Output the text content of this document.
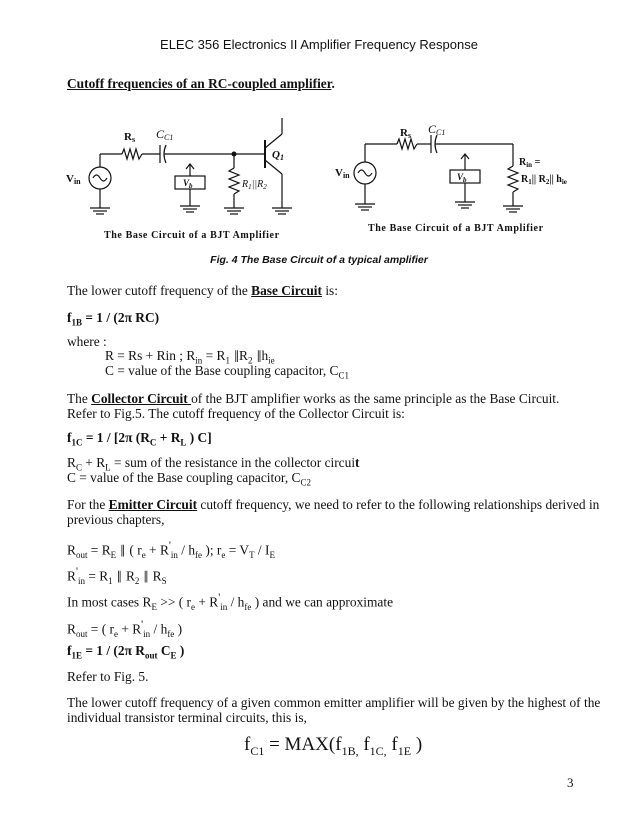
ELEC 356 Electronics II Amplifier Frequency Response
Cutoff frequencies of an RC-coupled amplifier.
Rs CC1
Q1
Vin	$V_b$	$R_1||R_2$
The Base Circuit of a BJT Amplifier
Rs CC1
Vin	$V_b$
$R_{in}$ =
$R_1||$ $R_2||$ $h_{ie}$
The Base Circuit of a BJT Amplifier
Fig. 4 The Base Circuit of a typical amplifier
The lower cutoff frequency of the Base Circuit is:
$f_{1B} = 1 / (2\pi$ RC)
where :
R = Rs + Rin ; $R_{in} = R_1$ $‖R_2$ $‖h_{ie}$
C = value of the Base coupling capacitor, $C_{C1}$
The Collector Circuit of the BJT amplifier works as the same principle as the Base Circuit.
Refer to Fig.5. The cutoff frequency of the Collector Circuit is:
$f_{1C} = 1 / [2\pi$ ($R_C + R_L$ ) C]
$R_C + R_L$ = sum of the resistance in the collector circuit
C = value of the Base coupling capacitor, $C_{C2}$
For the Emitter Circuit cutoff frequency, we need to refer to the following relationships derived in
previous chapters,
$R_{out} = R_E$ ‖ ( $r_e + R'_{in} / h_{fe}$ ); $r_e = V_T / I_E$
$R'_{in} = R_1$ ‖ $R_2$ ‖ $R_S$
In most cases $R_E$ >> ( $r_e + R'_{in} / h_{fe}$ ) and we can approximate
$R_{out}$ = ( $r_e + R'_{in} / h_{fe}$ )
$f_{1E} = 1 / (2\pi$ $R_{out}$ $C_E$ )
Refer to Fig. 5.
The lower cutoff frequency of a given common emitter amplifier will be given by the highest of the
individual transistor terminal circuits, this is,
$f_{C1} = MAX(f_{1B,}$ $f_{1C,}$ $f_{1E}$ )
3
